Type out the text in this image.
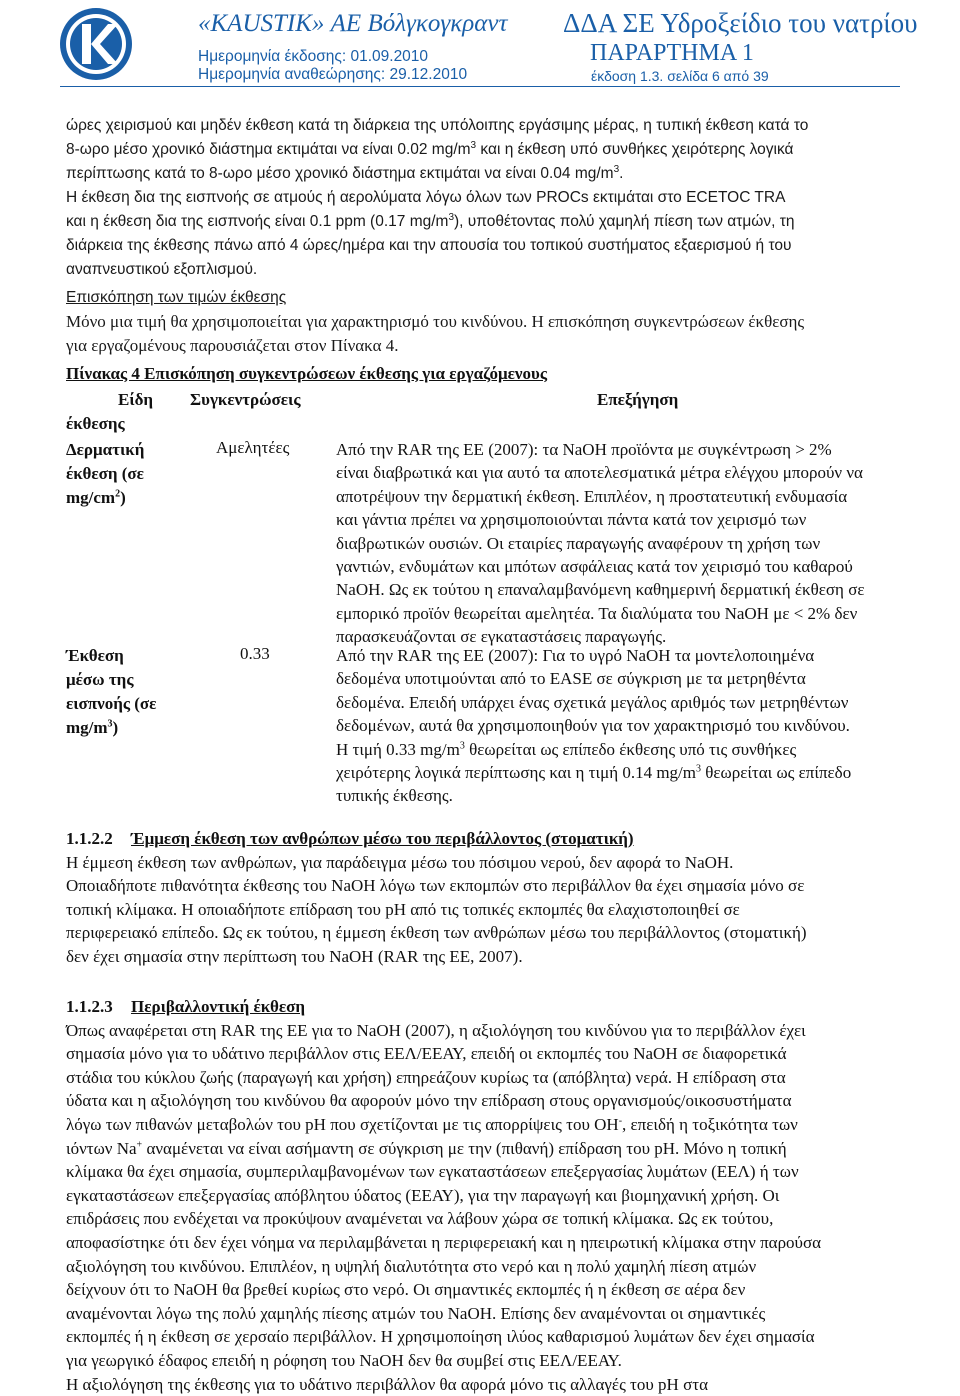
K	«KAUSTIK» ΑΕ Βόλγκογκραντ
Ημερομηνία έκδοσης: 01.09.2010
Ημερομηνία αναθεώρησης: 29.12.2010
ΔΔΑ ΣΕ Υδροξείδιο του νατρίου
ΠΑΡΑΡΤΗΜΑ 1
έκδοση 1.3. σελίδα 6 από 39
ώρες χειρισμού και μηδέν έκθεση κατά τη διάρκεια της υπόλοιπης εργάσιμης μέρας, η τυπική έκθεση κατά το
8-ωρο μέσο χρονικό διάστημα εκτιμάται να είναι 0.02 $mg/m^3$ και η έκθεση υπό συνθήκες χειρότερης λογικά
περίπτωσης κατά το 8-ωρο μέσο χρονικό διάστημα εκτιμάται να είναι 0.04 $mg/m^3$.
Η έκθεση δια της εισπνοής σε ατμούς ή αερολύματα λόγω όλων των PROCs εκτιμάται στο ECETOC TRA
και η έκθεση δια της εισπνοής είναι 0.1 ppm (0.17 $mg/m^3$), υποθέτοντας πολύ χαμηλή πίεση των ατμών, τη
διάρκεια της έκθεσης πάνω από 4 ώρες/ημέρα και την απουσία του τοπικού συστήματος εξαερισμού ή του
αναπνευστικού εξοπλισμού.
Επισκόπηση των τιμών έκθεσης
Μόνο μια τιμή θα χρησιμοποιείται για χαρακτηρισμό του κινδύνου. Η επισκόπηση συγκεντρώσεων έκθεσης
για εργαζομένους παρουσιάζεται στον Πίνακα 4.
Πίνακας 4 Επισκόπηση συγκεντρώσεων έκθεσης για εργαζόμενους
Είδη
έκθεσης
Συγκεντρώσεις	Επεξήγηση
Δερματική
έκθεση (σε
$mg/cm^2$)
Αμελητέες	Από την RAR της ΕΕ (2007): τα NaOH προϊόντα με συγκέντρωση > 2%
είναι διαβρωτικά και για αυτό τα αποτελεσματικά μέτρα ελέγχου μπορούν να
αποτρέψουν την δερματική έκθεση. Επιπλέον, η προστατευτική ενδυμασία
και γάντια πρέπει να χρησιμοποιούνται πάντα κατά τον χειρισμό των
διαβρωτικών ουσιών. Οι εταιρίες παραγωγής αναφέρουν τη χρήση των
γαντιών, ενδυμάτων και μπότων ασφάλειας κατά τον χειρισμό του καθαρού
NaOH. Ως εκ τούτου η επαναλαμβανόμενη καθημερινή δερματική έκθεση σε
εμπορικό προϊόν θεωρείται αμελητέα. Τα διαλύματα του NaOH με < 2% δεν
παρασκευάζονται σε εγκαταστάσεις παραγωγής.
Έκθεση
μέσω της
εισπνοής (σε
$mg/m^3$)
0.33	Από την RAR της ΕΕ (2007): Για το υγρό NaOH τα μοντελοποιημένα
δεδομένα υποτιμούνται από το EASE σε σύγκριση με τα μετρηθέντα
δεδομένα. Επειδή υπάρχει ένας σχετικά μεγάλος αριθμός των μετρηθέντων
δεδομένων, αυτά θα χρησιμοποιηθούν για τον χαρακτηρισμό του κινδύνου.
Η τιμή 0.33 $mg/m^3$ θεωρείται ως επίπεδο έκθεσης υπό τις συνθήκες
χειρότερης λογικά περίπτωσης και η τιμή 0.14 $mg/m^3$ θεωρείται ως επίπεδο
τυπικής έκθεσης.
1.1.2.2 Έμμεση έκθεση των ανθρώπων μέσω του περιβάλλοντος (στοματική)
Η έμμεση έκθεση των ανθρώπων, για παράδειγμα μέσω του πόσιμου νερού, δεν αφορά το NaOH.
Οποιαδήποτε πιθανότητα έκθεσης του NaOH λόγω των εκπομπών στο περιβάλλον θα έχει σημασία μόνο σε
τοπική κλίμακα. Η οποιαδήποτε επίδραση του pH από τις τοπικές εκπομπές θα ελαχιστοποιηθεί σε
περιφερειακό επίπεδο. Ως εκ τούτου, η έμμεση έκθεση των ανθρώπων μέσω του περιβάλλοντος (στοματική)
δεν έχει σημασία στην περίπτωση του NaOH (RAR της ΕΕ, 2007).
1.1.2.3 Περιβαλλοντική έκθεση
Όπως αναφέρεται στη RAR της ΕΕ για το NaOH (2007), η αξιολόγηση του κινδύνου για το περιβάλλον έχει
σημασία μόνο για το υδάτινο περιβάλλον στις ΕΕΛ/ΕΕΑΥ, επειδή οι εκπομπές του NaOH σε διαφορετικά
στάδια του κύκλου ζωής (παραγωγή και χρήση) επηρεάζουν κυρίως τα (απόβλητα) νερά. Η επίδραση στα
ύδατα και η αξιολόγηση του κινδύνου θα αφορούν μόνο την επίδραση στους οργανισμούς/οικοσυστήματα
λόγω των πιθανών μεταβολών του pH που σχετίζονται με τις απορρίψεις του OH-, επειδή η τοξικότητα των
ιόντων Na+ αναμένεται να είναι ασήμαντη σε σύγκριση με την (πιθανή) επίδραση του pH. Μόνο η τοπική
κλίμακα θα έχει σημασία, συμπεριλαμβανομένων των εγκαταστάσεων επεξεργασίας λυμάτων (ΕΕΛ) ή των
εγκαταστάσεων επεξεργασίας απόβλητου ύδατος (ΕΕΑΥ), για την παραγωγή και βιομηχανική χρήση. Οι
επιδράσεις που ενδέχεται να προκύψουν αναμένεται να λάβουν χώρα σε τοπική κλίμακα. Ως εκ τούτου,
αποφασίστηκε ότι δεν έχει νόημα να περιλαμβάνεται η περιφερειακή και η ηπειρωτική κλίμακα στην παρούσα
αξιολόγηση του κινδύνου. Επιπλέον, η υψηλή διαλυτότητα στο νερό και η πολύ χαμηλή πίεση ατμών
δείχνουν ότι το NaOH θα βρεθεί κυρίως στο νερό. Οι σημαντικές εκπομπές ή η έκθεση σε αέρα δεν
αναμένονται λόγω της πολύ χαμηλής πίεσης ατμών του NaOH. Επίσης δεν αναμένονται οι σημαντικές
εκπομπές ή η έκθεση σε χερσαίο περιβάλλον. Η χρησιμοποίηση ιλύος καθαρισμού λυμάτων δεν έχει σημασία
για γεωργικό έδαφος επειδή η ρόφηση του NaOH δεν θα συμβεί στις ΕΕΛ/ΕΕΑΥ.
Η αξιολόγηση της έκθεσης για το υδάτινο περιβάλλον θα αφορά μόνο τις αλλαγές του pH στα
